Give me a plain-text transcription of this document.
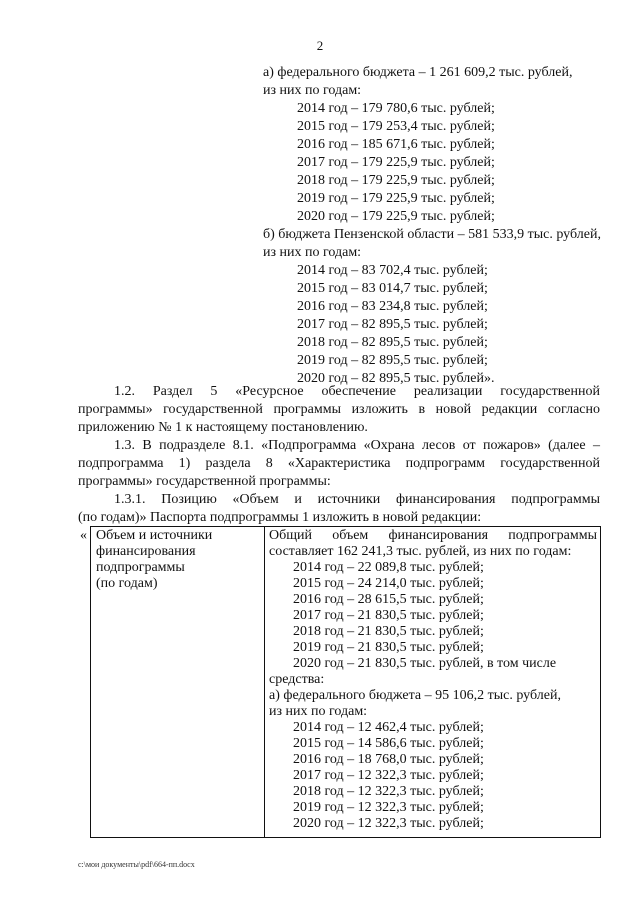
2
а) федерального бюджета – 1 261 609,2 тыс. рублей,
из них по годам:
2014 год – 179 780,6 тыс. рублей;
2015 год – 179 253,4 тыс. рублей;
2016 год – 185 671,6 тыс. рублей;
2017 год – 179 225,9 тыс. рублей;
2018 год – 179 225,9 тыс. рублей;
2019 год – 179 225,9 тыс. рублей;
2020 год – 179 225,9 тыс. рублей;
б) бюджета Пензенской области – 581 533,9 тыс. рублей,
из них по годам:
2014 год – 83 702,4 тыс. рублей;
2015 год – 83 014,7 тыс. рублей;
2016 год – 83 234,8 тыс. рублей;
2017 год – 82 895,5 тыс. рублей;
2018 год – 82 895,5 тыс. рублей;
2019 год – 82 895,5 тыс. рублей;
2020 год – 82 895,5 тыс. рублей».
1.2. Раздел 5 «Ресурсное обеспечение реализации государственной
программы» государственной программы изложить в новой редакции согласно
приложению № 1 к настоящему постановлению.
1.3. В подразделе 8.1. «Подпрограмма «Охрана лесов от пожаров» (далее –
подпрограмма 1) раздела 8 «Характеристика подпрограмм государственной
программы» государственной программы:
1.3.1. Позицию «Объем и источники финансирования подпрограммы
(по годам)» Паспорта подпрограммы 1 изложить в новой редакции:
« Объем и источники
финансирования
подпрограммы
(по годам)
Общий объем финансирования подпрограммы
составляет 162 241,3 тыс. рублей, из них по годам:
2014 год – 22 089,8 тыс. рублей;
2015 год – 24 214,0 тыс. рублей;
2016 год – 28 615,5 тыс. рублей;
2017 год – 21 830,5 тыс. рублей;
2018 год – 21 830,5 тыс. рублей;
2019 год – 21 830,5 тыс. рублей;
2020 год – 21 830,5 тыс. рублей, в том числе
средства:
а) федерального бюджета – 95 106,2 тыс. рублей,
из них по годам:
2014 год – 12 462,4 тыс. рублей;
2015 год – 14 586,6 тыс. рублей;
2016 год – 18 768,0 тыс. рублей;
2017 год – 12 322,3 тыс. рублей;
2018 год – 12 322,3 тыс. рублей;
2019 год – 12 322,3 тыс. рублей;
2020 год – 12 322,3 тыс. рублей;
c:\мои документы\pdf\664-пп.docx
